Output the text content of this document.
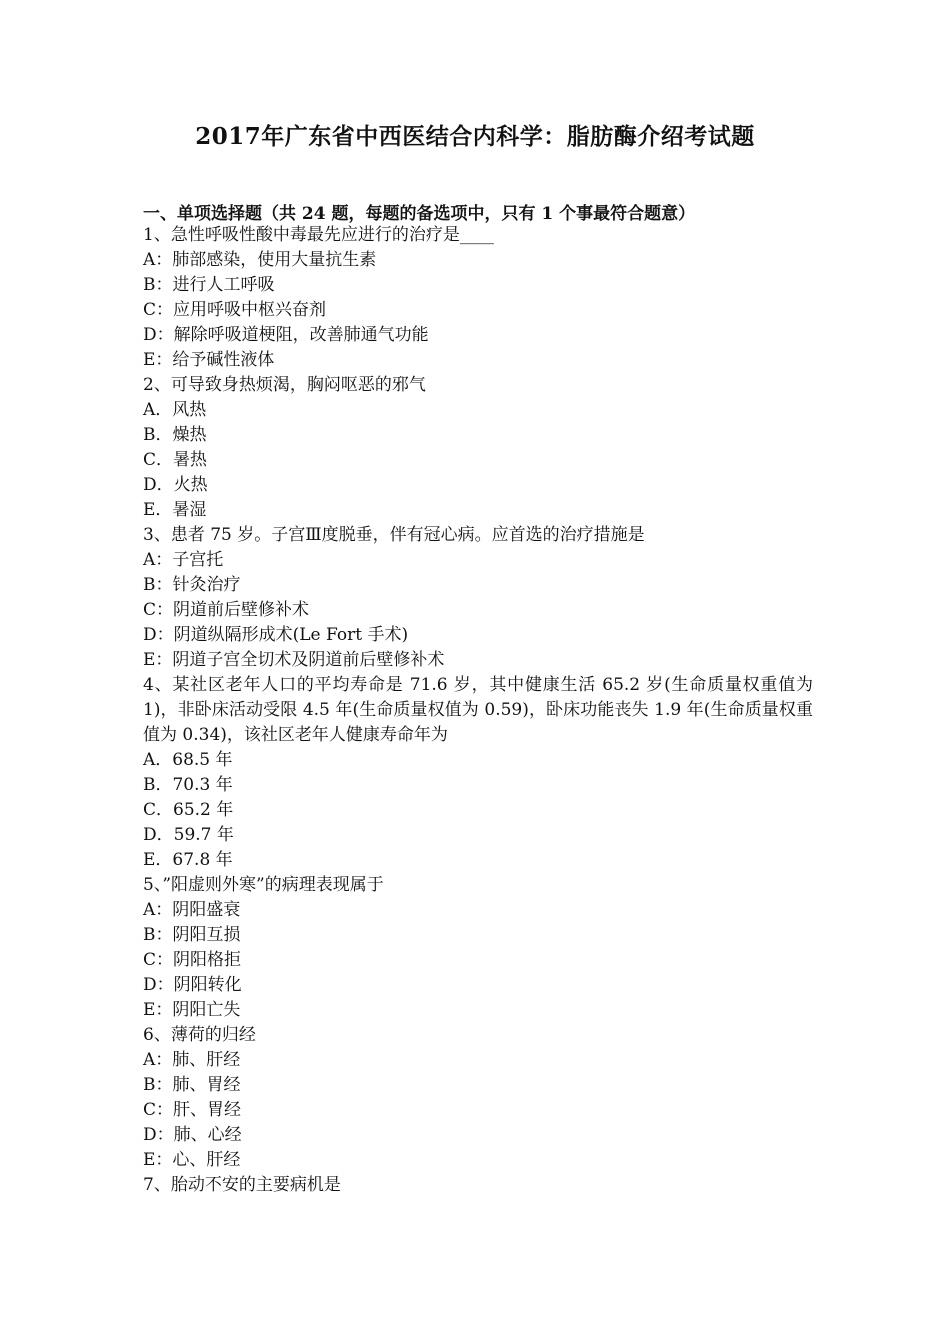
2017年广东省中西医结合内科学：脂肪酶介绍考试题
一、单项选择题（共 24 题，每题的备选项中，只有 1 个事最符合题意）
1、急性呼吸性酸中毒最先应进行的治疗是____
A：肺部感染，使用大量抗生素
B：进行人工呼吸
C：应用呼吸中枢兴奋剂
D：解除呼吸道梗阻，改善肺通气功能
E：给予碱性液体
2、可导致身热烦渴，胸闷呕恶的邪气
A．风热
B．燥热
C．暑热
D．火热
E．暑湿
3、患者 75 岁。子宫Ⅲ度脱垂，伴有冠心病。应首选的治疗措施是
A：子宫托
B：针灸治疗
C：阴道前后壁修补术
D：阴道纵隔形成术(Le Fort 手术)
E：阴道子宫全切术及阴道前后壁修补术
4、某社区老年人口的平均寿命是 71.6 岁，其中健康生活 65.2 岁(生命质量权重值为 1)，非卧床活动受限 4.5 年(生命质量权值为 0.59)，卧床功能丧失 1.9 年(生命质量权重值为 0.34)，该社区老年人健康寿命年为
A．68.5 年
B．70.3 年
C．65.2 年
D．59.7 年
E．67.8 年
5、”阳虚则外寒”的病理表现属于
A：阴阳盛衰
B：阴阳互损
C：阴阳格拒
D：阴阳转化
E：阴阳亡失
6、薄荷的归经
A：肺、肝经
B：肺、胃经
C：肝、胃经
D：肺、心经
E：心、肝经
7、胎动不安的主要病机是
